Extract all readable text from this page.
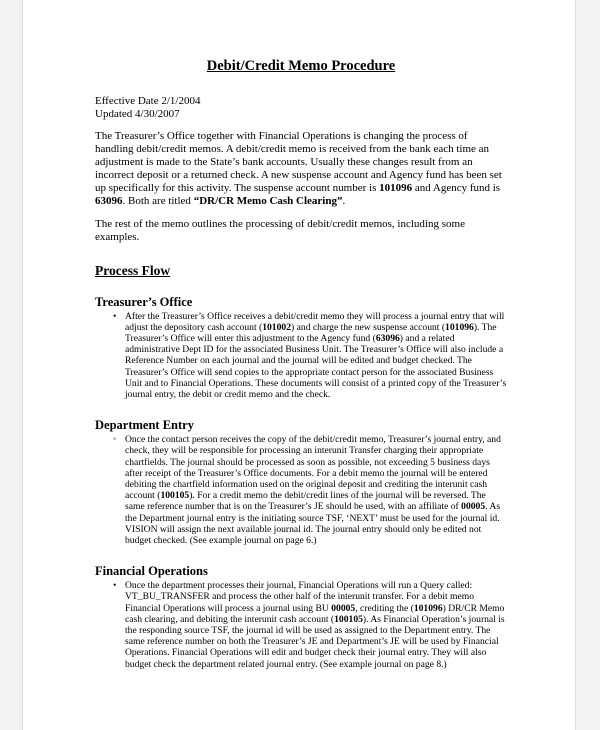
Debit/Credit Memo Procedure
Effective Date 2/1/2004
Updated 4/30/2007
The Treasurer’s Office together with Financial Operations is changing the process of handling debit/credit memos. A debit/credit memo is received from the bank each time an adjustment is made to the State’s bank accounts. Usually these changes result from an incorrect deposit or a returned check. A new suspense account and Agency fund has been set up specifically for this activity. The suspense account number is 101096 and Agency fund is 63096. Both are titled “DR/CR Memo Cash Clearing”.
The rest of the memo outlines the processing of debit/credit memos, including some examples.
Process Flow
Treasurer’s Office
• After the Treasurer’s Office receives a debit/credit memo they will process a journal entry that will adjust the depository cash account (101002) and charge the new suspense account (101096). The Treasurer’s Office will enter this adjustment to the Agency fund (63096) and a related administrative Dept ID for the associated Business Unit. The Treasurer’s Office will also include a Reference Number on each journal and the journal will be edited and budget checked. The Treasurer’s Office will send copies to the appropriate contact person for the associated Business Unit and to Financial Operations. These documents will consist of a printed copy of the Treasurer’s journal entry, the debit or credit memo and the check.
Department Entry
• Once the contact person receives the copy of the debit/credit memo, Treasurer’s journal entry, and check, they will be responsible for processing an interunit Transfer charging their appropriate chartfields. The journal should be processed as soon as possible, not exceeding 5 business days after receipt of the Treasurer’s Office documents. For a debit memo the journal will be entered debiting the chartfield information used on the original deposit and crediting the interunit cash account (100105). For a credit memo the debit/credit lines of the journal will be reversed. The same reference number that is on the Treasurer’s JE should be used, with an affiliate of 00005. As the Department journal entry is the initiating source TSF, ‘NEXT’ must be used for the journal id. VISION will assign the next available journal id. The journal entry should only be edited not budget checked. (See example journal on page 6.)
Financial Operations
• Once the department processes their journal, Financial Operations will run a Query called: VT_BU_TRANSFER and process the other half of the interunit transfer. For a debit memo Financial Operations will process a journal using BU 00005, crediting the (101096) DR/CR Memo cash clearing, and debiting the interunit cash account (100105). As Financial Operation’s journal is the responding source TSF, the journal id will be used as assigned to the Department entry. The same reference number on both the Treasurer’s JE and Department’s JE will be used by Financial Operations. Financial Operations will edit and budget check their journal entry. They will also budget check the department related journal entry. (See example journal on page 8.)
